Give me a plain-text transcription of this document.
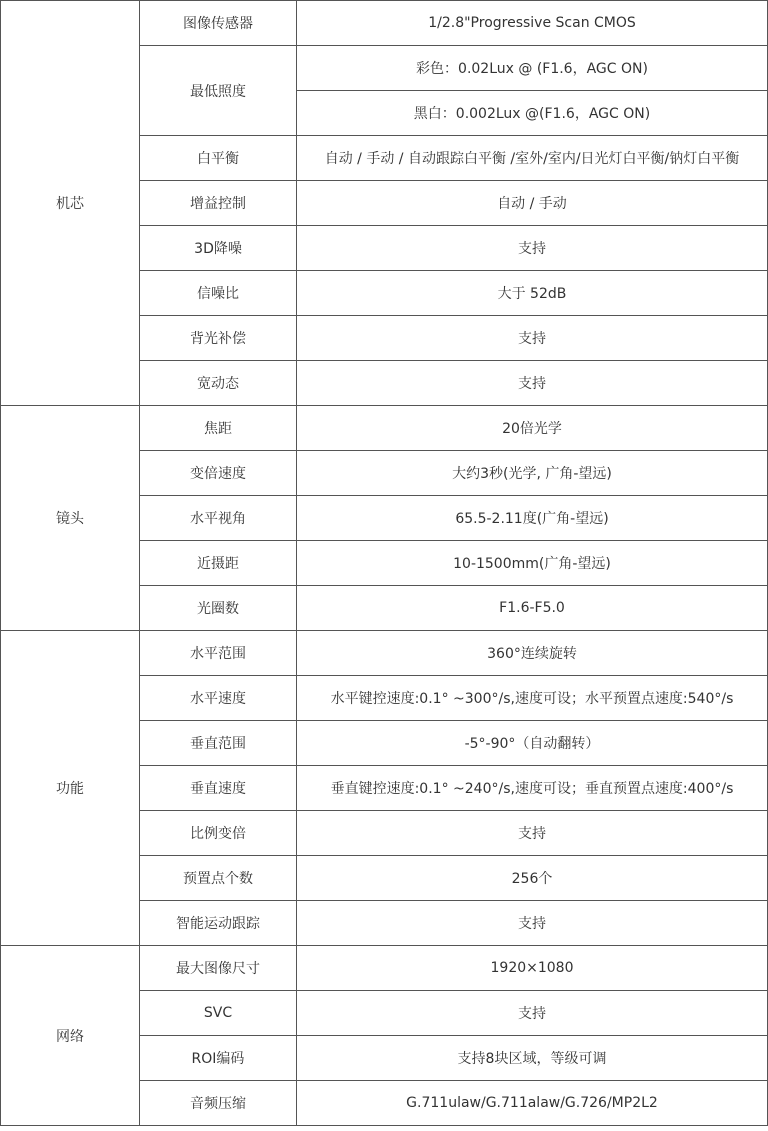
机芯	图像传感器	1/2.8"Progressive Scan CMOS
	最低照度	彩色：0.02Lux @ (F1.6，AGC ON)
		黑白：0.002Lux @(F1.6，AGC ON)
	白平衡	自动 / 手动 / 自动跟踪白平衡 /室外/室内/日光灯白平衡/钠灯白平衡
	增益控制	自动 / 手动
	3D降噪	支持
	信噪比	大于 52dB
	背光补偿	支持
	宽动态	支持
镜头	焦距	20倍光学
	变倍速度	大约3秒(光学, 广角-望远)
	水平视角	65.5-2.11度(广角-望远)
	近摄距	10-1500mm(广角-望远)
	光圈数	F1.6-F5.0
功能	水平范围	360°连续旋转
	水平速度	水平键控速度:0.1° ~300°/s,速度可设；水平预置点速度:540°/s
	垂直范围	-5°-90°（自动翻转）
	垂直速度	垂直键控速度:0.1° ~240°/s,速度可设；垂直预置点速度:400°/s
	比例变倍	支持
	预置点个数	256个
	智能运动跟踪	支持
网络	最大图像尺寸	1920×1080
	SVC	支持
	ROI编码	支持8块区域，等级可调
	音频压缩	G.711ulaw/G.711alaw/G.726/MP2L2
